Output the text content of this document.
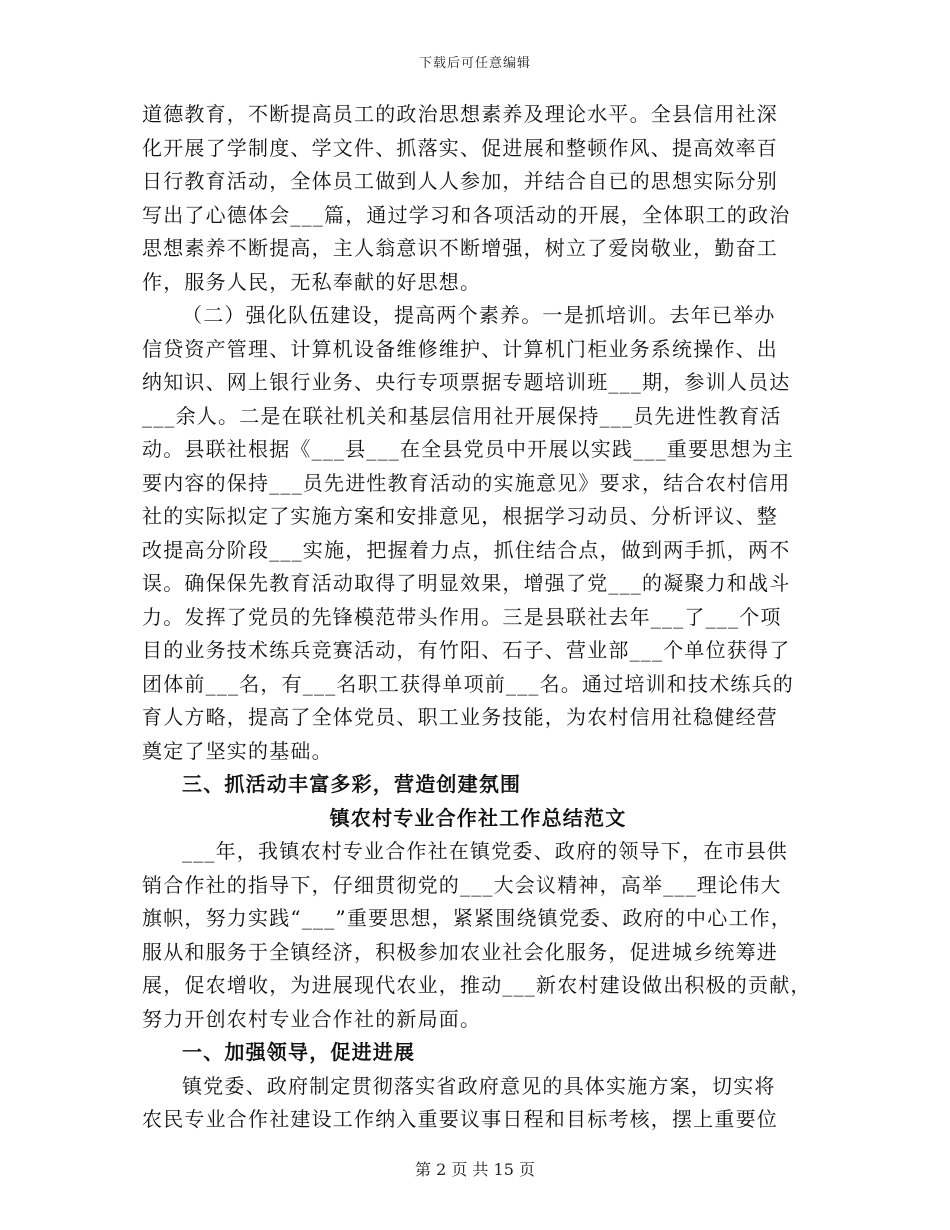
下载后可任意编辑
道德教育，不断提高员工的政治思想素养及理论水平。全县信用社深
化开展了学制度、学文件、抓落实、促进展和整顿作风、提高效率百
日行教育活动，全体员工做到人人参加，并结合自已的思想实际分别
写出了心德体会___篇，通过学习和各项活动的开展，全体职工的政治
思想素养不断提高，主人翁意识不断增强，树立了爱岗敬业，勤奋工
作，服务人民，无私奉献的好思想。
（二）强化队伍建设，提高两个素养。一是抓培训。去年已举办
信贷资产管理、计算机设备维修维护、计算机门柜业务系统操作、出
纳知识、网上银行业务、央行专项票据专题培训班___期，参训人员达
___余人。二是在联社机关和基层信用社开展保持___员先进性教育活
动。县联社根据《___县___在全县党员中开展以实践___重要思想为主
要内容的保持___员先进性教育活动的实施意见》要求，结合农村信用
社的实际拟定了实施方案和安排意见，根据学习动员、分析评议、整
改提高分阶段___实施，把握着力点，抓住结合点，做到两手抓，两不
误。确保保先教育活动取得了明显效果，增强了党___的凝聚力和战斗
力。发挥了党员的先锋模范带头作用。三是县联社去年___了___个项
目的业务技术练兵竞赛活动，有竹阳、石子、营业部___个单位获得了
团体前___名，有___名职工获得单项前___名。通过培训和技术练兵的
育人方略，提高了全体党员、职工业务技能，为农村信用社稳健经营
奠定了坚实的基础。
三、抓活动丰富多彩，营造创建氛围
镇农村专业合作社工作总结范文
___年，我镇农村专业合作社在镇党委、政府的领导下，在市县供
销合作社的指导下，仔细贯彻党的___大会议精神，高举___理论伟大
旗帜，努力实践“___”重要思想，紧紧围绕镇党委、政府的中心工作，
服从和服务于全镇经济，积极参加农业社会化服务，促进城乡统筹进
展，促农增收，为进展现代农业，推动___新农村建设做出积极的贡献，
努力开创农村专业合作社的新局面。
一、加强领导，促进进展
镇党委、政府制定贯彻落实省政府意见的具体实施方案，切实将
农民专业合作社建设工作纳入重要议事日程和目标考核，摆上重要位
第 2 页 共 15 页
